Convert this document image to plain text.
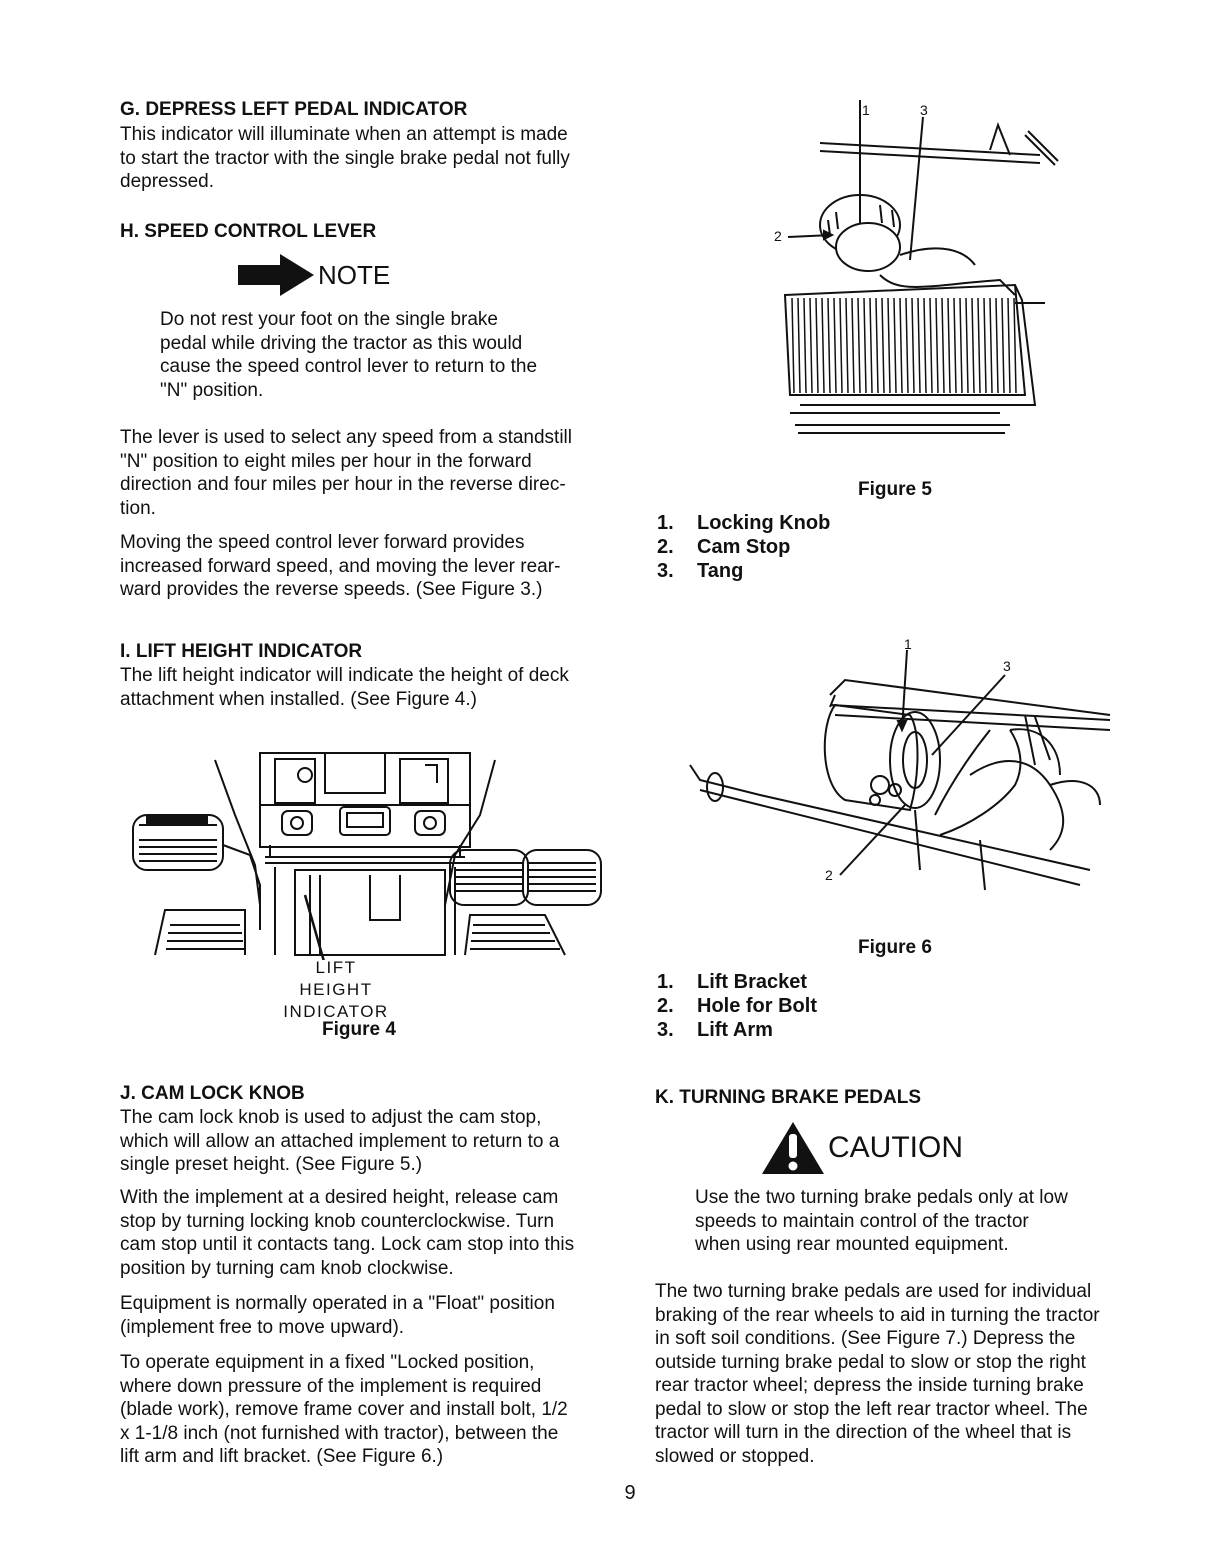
G. DEPRESS LEFT PEDAL INDICATOR
This indicator will illuminate when an attempt is made
to start the tractor with the single brake pedal not fully
depressed.
H. SPEED CONTROL LEVER
NOTE
Do not rest your foot on the single brake
pedal while driving the tractor as this would
cause the speed control lever to return to the
"N" position.
The lever is used to select any speed from a standstill
"N" position to eight miles per hour in the forward
direction and four miles per hour in the reverse direc-
tion.
Moving the speed control lever forward provides
increased forward speed, and moving the lever rear-
ward provides the reverse speeds. (See Figure 3.)
I. LIFT HEIGHT INDICATOR
The lift height indicator will indicate the height of deck
attachment when installed. (See Figure 4.)
LIFT HEIGHT
INDICATOR
Figure 4
J. CAM LOCK KNOB
The cam lock knob is used to adjust the cam stop,
which will allow an attached implement to return to a
single preset height. (See Figure 5.)
With the implement at a desired height, release cam
stop by turning locking knob counterclockwise. Turn
cam stop until it contacts tang. Lock cam stop into this
position by turning cam knob clockwise.
Equipment is normally operated in a "Float" position
(implement free to move upward).
To operate equipment in a fixed "Locked position,
where down pressure of the implement is required
(blade work), remove frame cover and install bolt, 1/2
x 1-1/8 inch (not furnished with tractor), between the
lift arm and lift bracket. (See Figure 6.)
1
2
3
Figure 5
1.	Locking Knob
2.	Cam Stop
3.	Tang
1
2
3
Figure 6
1.	Lift Bracket
2.	Hole for Bolt
3.	Lift Arm
K. TURNING BRAKE PEDALS
CAUTION
Use the two turning brake pedals only at low
speeds to maintain control of the tractor
when using rear mounted equipment.
The two turning brake pedals are used for individual
braking of the rear wheels to aid in turning the tractor
in soft soil conditions. (See Figure 7.) Depress the
outside turning brake pedal to slow or stop the right
rear tractor wheel; depress the inside turning brake
pedal to slow or stop the left rear tractor wheel. The
tractor will turn in the direction of the wheel that is
slowed or stopped.
9
